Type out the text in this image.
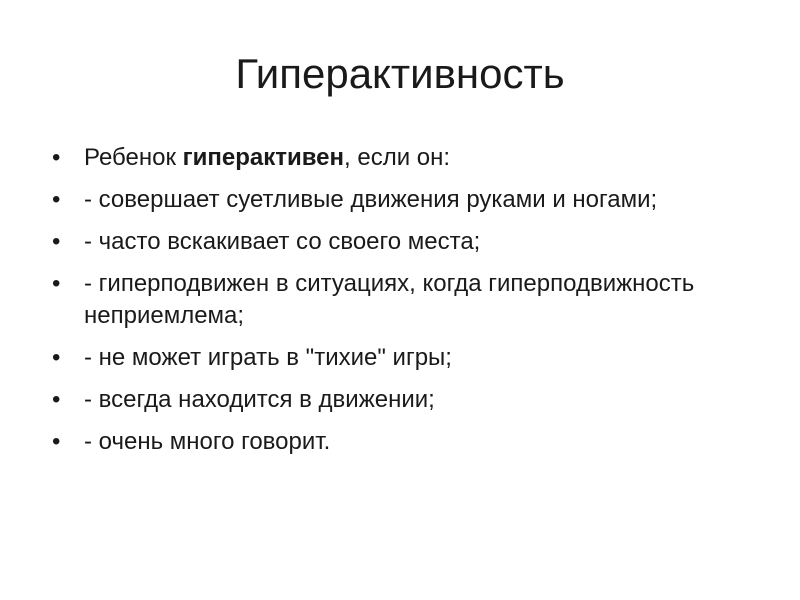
Гиперактивность
• Ребенок гиперактивен, если он:
• - совершает суетливые движения руками и ногами;
• - часто вскакивает со своего места;
• - гиперподвижен в ситуациях, когда гиперподвижность неприемлема;
• - не может играть в "тихие" игры;
• - всегда находится в движении;
• - очень много говорит.
